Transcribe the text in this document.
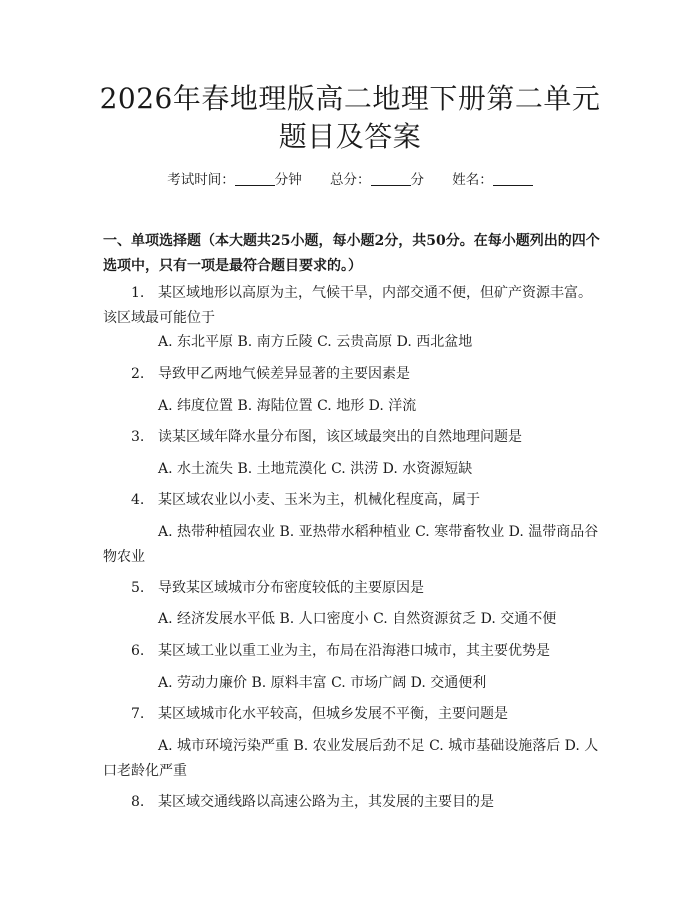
2026年春地理版高二地理下册第二单元题目及答案
考试时间：	分钟 总分：	分 姓名：
一、单项选择题（本大题共25小题，每小题2分，共50分。在每小题列出的四个选项中，只有一项是最符合题目要求的。）
1. 某区域地形以高原为主，气候干旱，内部交通不便，但矿产资源丰富。该区域最可能位于
A. 东北平原 B. 南方丘陵 C. 云贵高原 D. 西北盆地
2. 导致甲乙两地气候差异显著的主要因素是
A. 纬度位置 B. 海陆位置 C. 地形 D. 洋流
3. 读某区域年降水量分布图，该区域最突出的自然地理问题是
A. 水土流失 B. 土地荒漠化 C. 洪涝 D. 水资源短缺
4. 某区域农业以小麦、玉米为主，机械化程度高，属于
A. 热带种植园农业 B. 亚热带水稻种植业 C. 寒带畜牧业 D. 温带商品谷物农业
5. 导致某区域城市分布密度较低的主要原因是
A. 经济发展水平低 B. 人口密度小 C. 自然资源贫乏 D. 交通不便
6. 某区域工业以重工业为主，布局在沿海港口城市，其主要优势是
A. 劳动力廉价 B. 原料丰富 C. 市场广阔 D. 交通便利
7. 某区域城市化水平较高，但城乡发展不平衡，主要问题是
A. 城市环境污染严重 B. 农业发展后劲不足 C. 城市基础设施落后 D. 人口老龄化严重
8. 某区域交通线路以高速公路为主，其发展的主要目的是
